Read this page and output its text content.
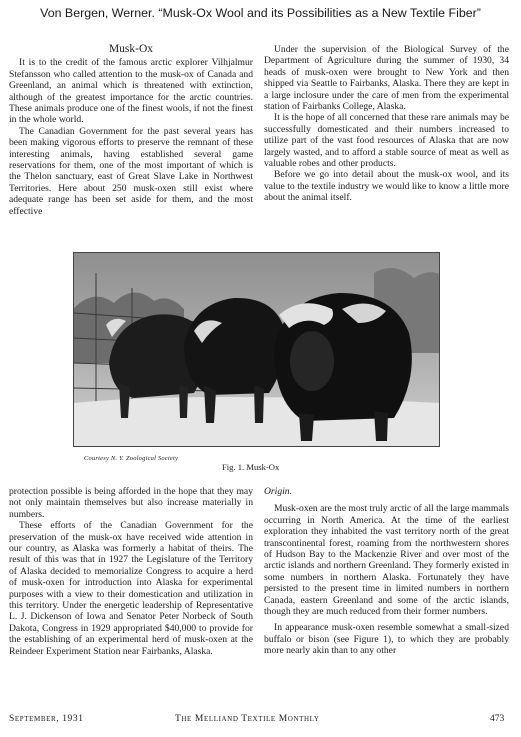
Von Bergen, Werner. “Musk-Ox Wool and its Possibilities as a New Textile Fiber”
Musk-Ox

It is to the credit of the famous arctic explorer Vilhjalmur Stefansson who called attention to the musk-ox of Canada and Greenland, an animal which is threatened with extinction, although of the greatest importance for the arctic countries. These animals produce one of the finest wools, if not the finest in the whole world.

The Canadian Government for the past several years has been making vigorous efforts to preserve the remnant of these interesting animals, having established several game reservations for them, one of the most important of which is the Thelon sanctuary, east of Great Slave Lake in Northwest Territories. Here about 250 musk-oxen still exist where adequate range has been set aside for them, and the most effective

Under the supervision of the Biological Survey of the Department of Agriculture during the summer of 1930, 34 heads of musk-oxen were brought to New York and then shipped via Seattle to Fairbanks, Alaska. There they are kept in a large inclosure under the care of men from the experimental station of Fairbanks College, Alaska.

It is the hope of all concerned that these rare animals may be successfully domesticated and their numbers increased to utilize part of the vast food resources of Alaska that are now largely wasted, and to afford a stable source of meat as well as valuable robes and other products.

Before we go into detail about the musk-ox wool, and its value to the textile industry we would like to know a little more about the animal itself.

Courtesy N. Y. Zoological Society
Fig. 1. Musk-Ox

protection possible is being afforded in the hope that they may not only maintain themselves but also increase materially in numbers.

These efforts of the Canadian Government for the preservation of the musk-ox have received wide attention in our country, as Alaska was formerly a habitat of theirs. The result of this was that in 1927 the Legislature of the Territory of Alaska decided to memorialize Congress to acquire a herd of musk-oxen for introduction into Alaska for experimental purposes with a view to their domestication and utilization in this territory. Under the energetic leadership of Representative L. J. Dickenson of Iowa and Senator Peter Norbeck of South Dakota, Congress in 1929 appropriated $40,000 to provide for the establishing of an experimental herd of musk-oxen at the Reindeer Experiment Station near Fairbanks, Alaska.

Origin.

Musk-oxen are the most truly arctic of all the large mammals occurring in North America. At the time of the earliest exploration they inhabited the vast territory north of the great transcontinental forest, roaming from the northwestern shores of Hudson Bay to the Mackenzie River and over most of the arctic islands and northern Greenland. They formerly existed in some numbers in northern Alaska. Fortunately they have persisted to the present time in limited numbers in northern Canada, eastern Greenland and some of the arctic islands, though they are much reduced from their former numbers.

In appearance musk-oxen resemble somewhat a small-sized buffalo or bison (see Figure 1), to which they are probably more nearly akin than to any other

September, 1931	The Melliand Textile Monthly	473
